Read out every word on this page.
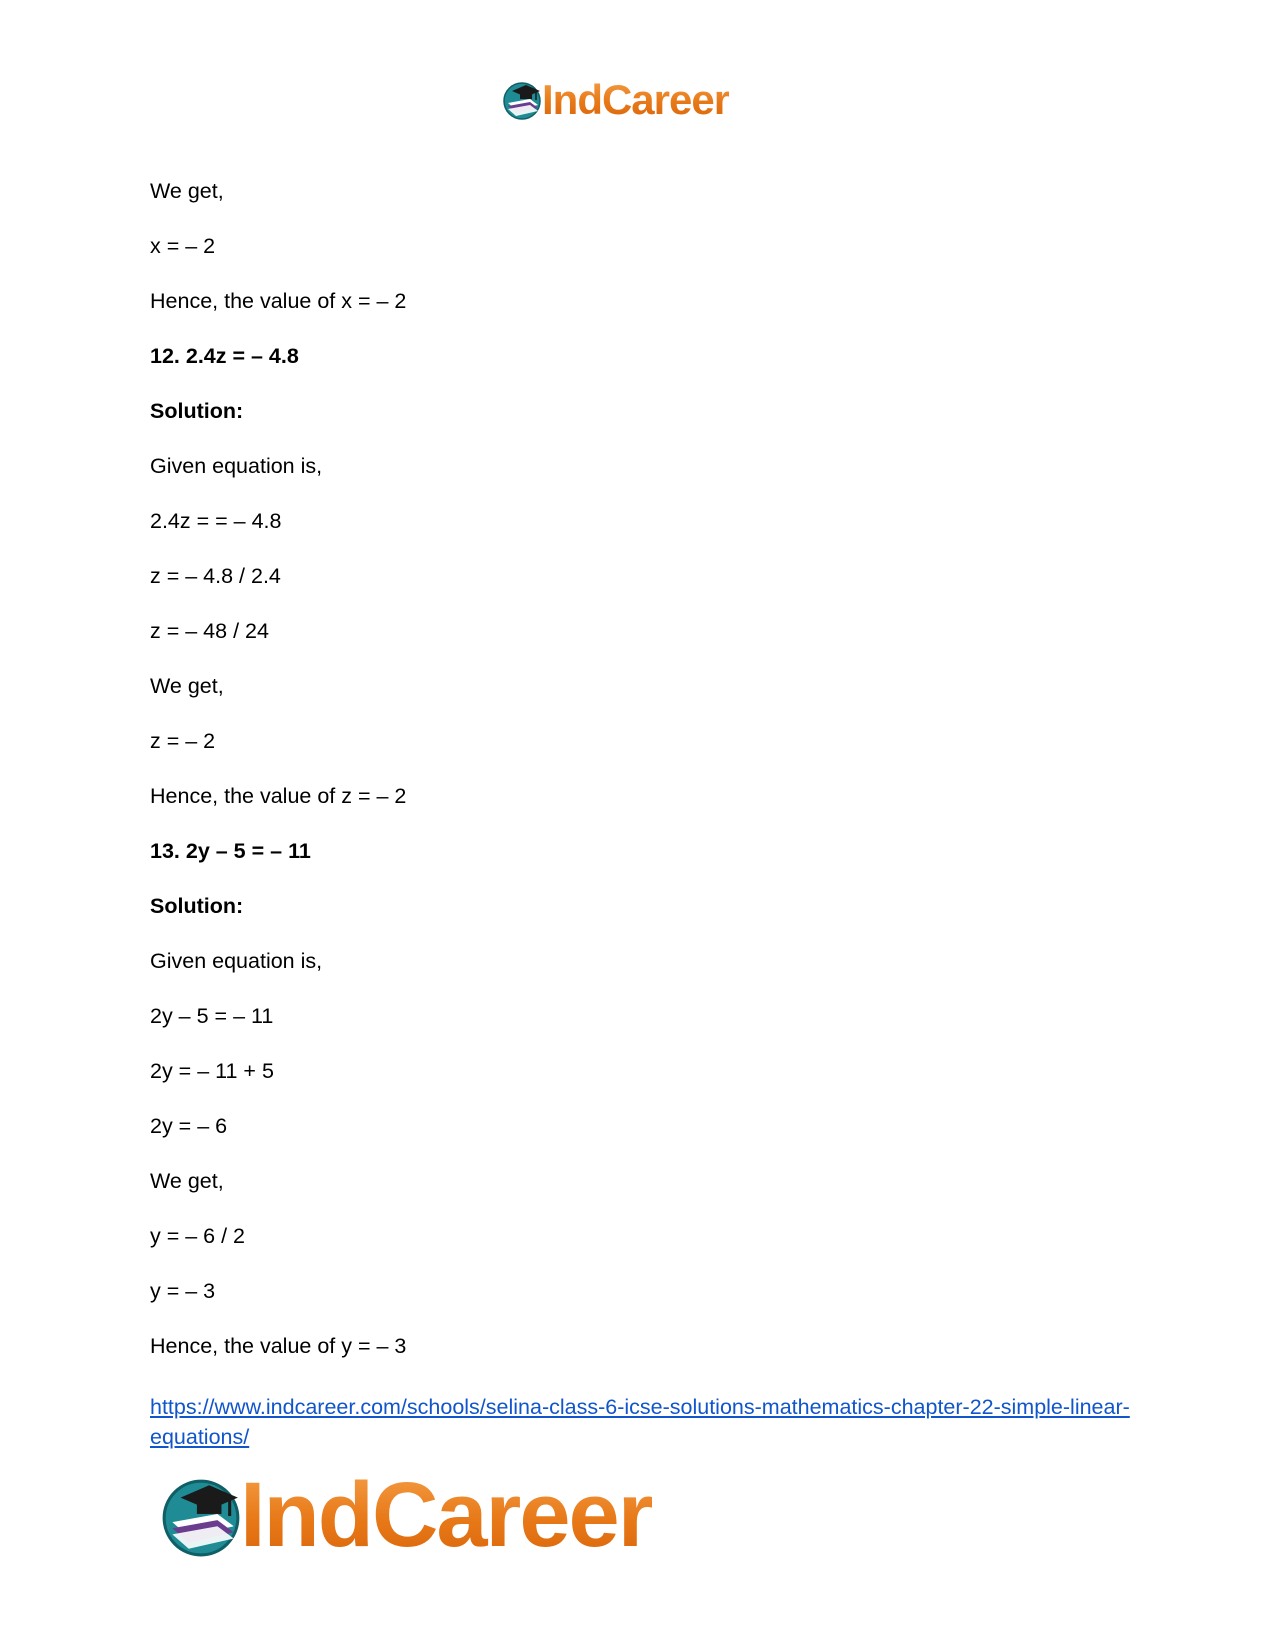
IndCareer
We get,
x = – 2
Hence, the value of x = – 2
12. 2.4z = – 4.8
Solution:
Given equation is,
2.4z = = – 4.8
z = – 4.8 / 2.4
z = – 48 / 24
We get,
z = – 2
Hence, the value of z = – 2
13. 2y – 5 = – 11
Solution:
Given equation is,
2y – 5 = – 11
2y = – 11 + 5
2y = – 6
We get,
y = – 6 / 2
y = – 3
Hence, the value of y = – 3
https://www.indcareer.com/schools/selina-class-6-icse-solutions-mathematics-chapter-22-simple-linear-equations/
IndCareer
